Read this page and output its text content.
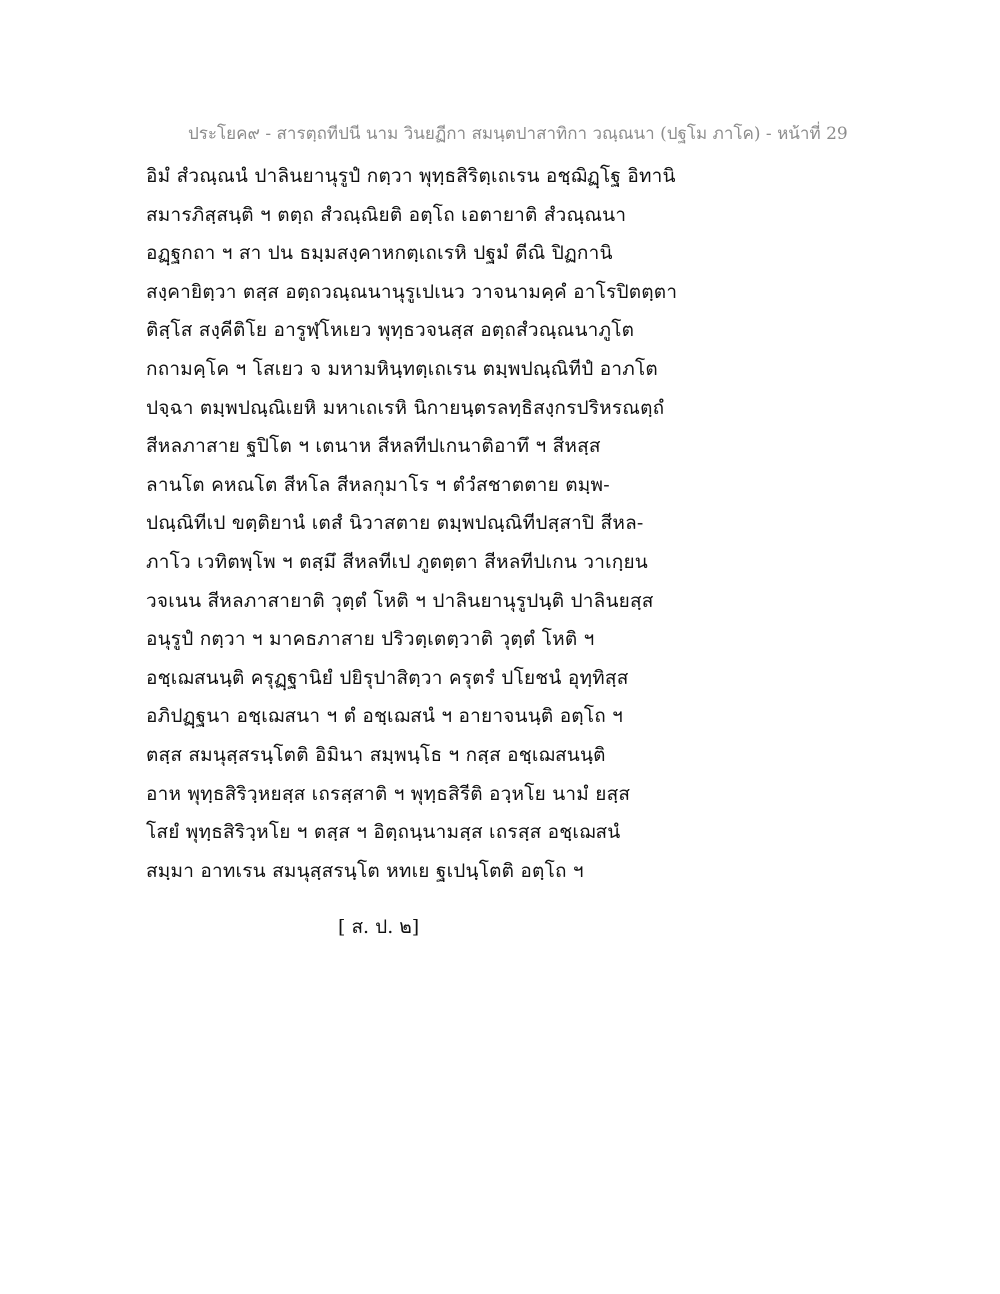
ประโยค๙ - สารตฺถทีปนี นาม วินยฏีกา สมนฺตปาสาทิกา วณฺณนา (ปฐโม ภาโค) - หน้าที่ 29
อิมํ สํวณฺณนํ ปาลินยานุรูปํ กตฺวา พุทฺธสิริตฺเถเรน อชฺฌิฏฺโฐ อิทานิ
สมารภิสฺสนฺติ ฯ ตตฺถ สํวณฺณิยติ อตฺโถ เอตายาติ สํวณฺณนา
อฏฺฐกถา ฯ สา ปน ธมฺมสงฺคาหกตฺเถเรหิ ปฐมํ ตีณิ ปิฏกานิ
สงฺคายิตฺวา ตสฺส อตฺถวณฺณนานุรูเปเนว วาจนามคฺคํ อาโรปิตตฺตา
ติสฺโส สงฺคีติโย อารูฬฺโหเยว พุทฺธวจนสฺส อตฺถสํวณฺณนาภูโต
กถามคฺโค ฯ โสเยว จ มหามหินฺทตฺเถเรน ตมฺพปณฺณิทีปํ อาภโต
ปจฺฉา ตมฺพปณฺณิเยหิ มหาเถเรหิ นิกายนฺตรลทฺธิสงฺกรปริหรณตฺถํ
สีหลภาสาย ฐปิโต ฯ เตนาห สีหลทีปเกนาติอาทึ ฯ สีหสฺส
ลานโต คหณโต สีหโล สีหลกุมาโร ฯ ตํวํสชาตตาย ตมฺพ-
ปณฺณิทีเป ขตฺติยานํ เตสํ นิวาสตาย ตมฺพปณฺณิทีปสฺสาปิ สีหล-
ภาโว เวทิตพฺโพ ฯ ตสฺมึ สีหลทีเป ภูตตฺตา สีหลทีปเกน วาเกฺยน
วจเนน สีหลภาสายาติ วุตฺตํ โหติ ฯ ปาลินยานุรูปนฺติ ปาลินยสฺส
อนุรูปํ กตฺวา ฯ มาคธภาสาย ปริวตฺเตตฺวาติ วุตฺตํ โหติ ฯ
อชฺเฌสนนฺติ ครุฏฺฐานิยํ ปยิรุปาสิตฺวา ครุตรํ ปโยชนํ อุทฺทิสฺส
อภิปฏฺฐนา อชฺเฌสนา ฯ ตํ อชฺเฌสนํ ฯ อายาจนนฺติ อตฺโถ ฯ
ตสฺส สมนุสฺสรนฺโตติ อิมินา สมฺพนฺโธ ฯ กสฺส อชฺเฌสนนฺติ
อาห พุทฺธสิริวฺหยสฺส เถรสฺสาติ ฯ พุทฺธสิรีติ อวฺหโย นามํ ยสฺส
โสยํ พุทฺธสิริวฺหโย ฯ ตสฺส ฯ อิตฺถนฺนามสฺส เถรสฺส อชฺเฌสนํ
สมฺมา อาทเรน สมนุสฺสรนฺโต หทเย ฐเปนฺโตติ อตฺโถ ฯ
[ ส. ป. ๒]
